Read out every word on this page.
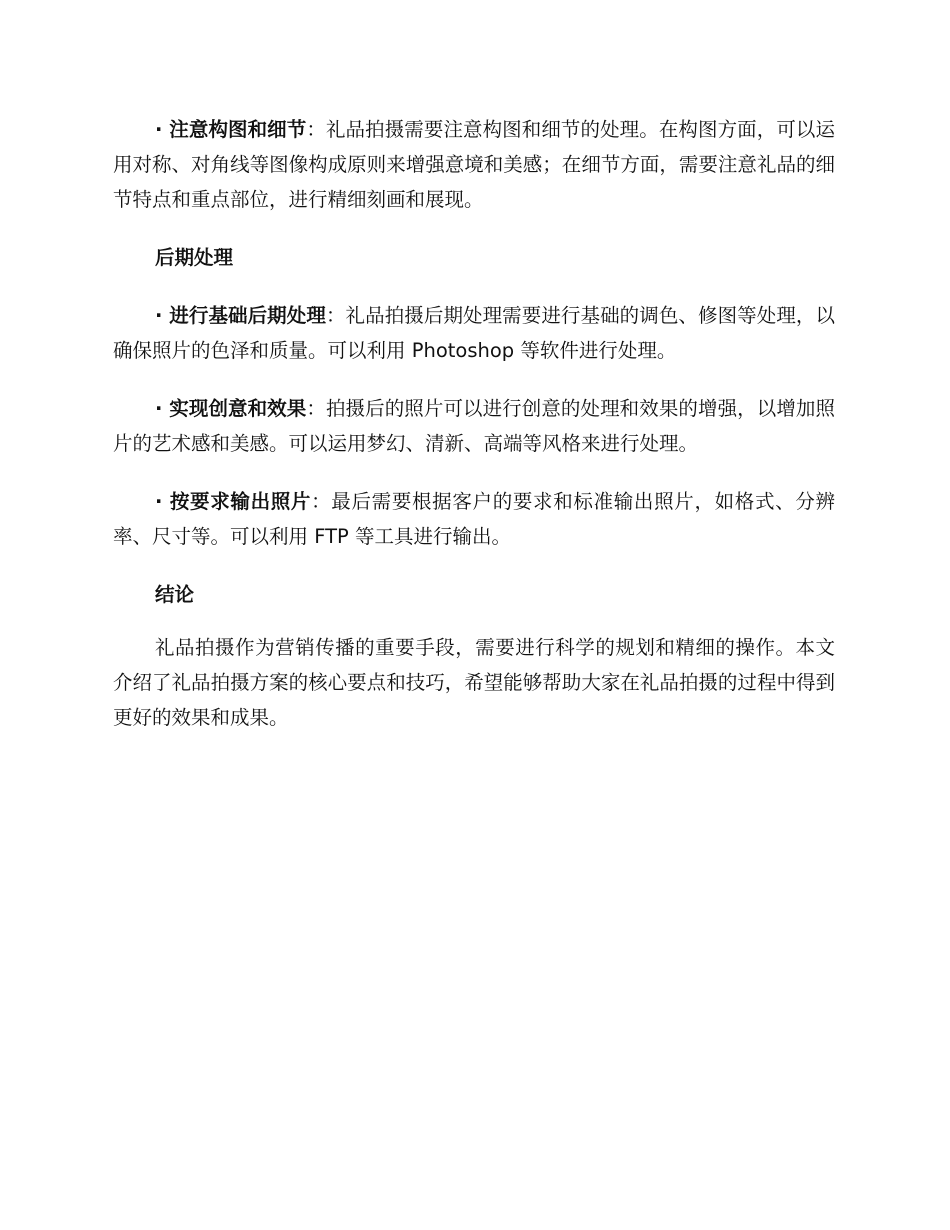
· 注意构图和细节：礼品拍摄需要注意构图和细节的处理。在构图方面，可以运用对称、对角线等图像构成原则来增强意境和美感；在细节方面，需要注意礼品的细节特点和重点部位，进行精细刻画和展现。

后期处理

· 进行基础后期处理：礼品拍摄后期处理需要进行基础的调色、修图等处理，以确保照片的色泽和质量。可以利用 Photoshop 等软件进行处理。

· 实现创意和效果：拍摄后的照片可以进行创意的处理和效果的增强，以增加照片的艺术感和美感。可以运用梦幻、清新、高端等风格来进行处理。

· 按要求输出照片：最后需要根据客户的要求和标准输出照片，如格式、分辨率、尺寸等。可以利用 FTP 等工具进行输出。

结论

礼品拍摄作为营销传播的重要手段，需要进行科学的规划和精细的操作。本文介绍了礼品拍摄方案的核心要点和技巧，希望能够帮助大家在礼品拍摄的过程中得到更好的效果和成果。
